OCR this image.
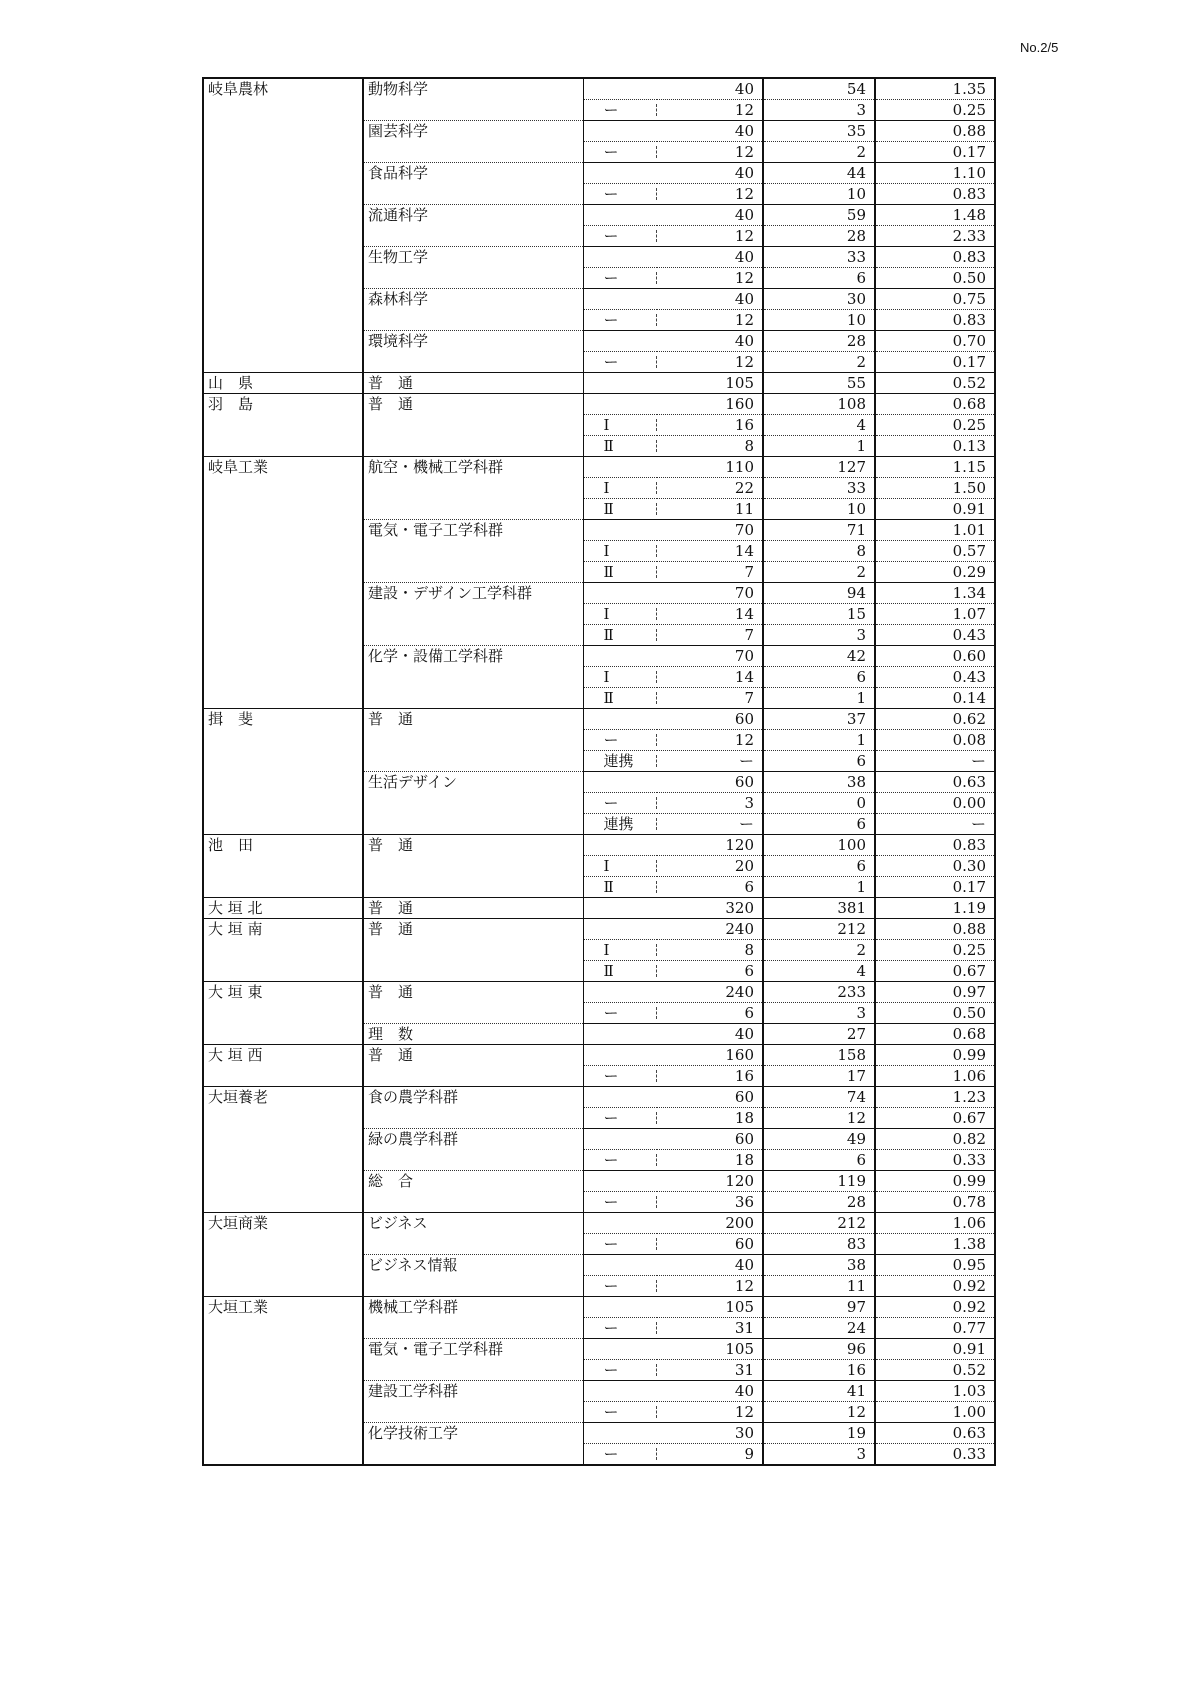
No.2/5
岐阜農林	動物科学		40	54	1.35
		ー	12	3	0.25
	園芸科学		40	35	0.88
		ー	12	2	0.17
	食品科学		40	44	1.10
		ー	12	10	0.83
	流通科学		40	59	1.48
		ー	12	28	2.33
	生物工学		40	33	0.83
		ー	12	6	0.50
	森林科学		40	30	0.75
		ー	12	10	0.83
	環境科学		40	28	0.70
		ー	12	2	0.17
山　県	普　通		105	55	0.52
羽　島	普　通		160	108	0.68
		Ⅰ	16	4	0.25
		Ⅱ	8	1	0.13
岐阜工業	航空・機械工学科群		110	127	1.15
		Ⅰ	22	33	1.50
		Ⅱ	11	10	0.91
	電気・電子工学科群		70	71	1.01
		Ⅰ	14	8	0.57
		Ⅱ	7	2	0.29
	建設・デザイン工学科群		70	94	1.34
		Ⅰ	14	15	1.07
		Ⅱ	7	3	0.43
	化学・設備工学科群		70	42	0.60
		Ⅰ	14	6	0.43
		Ⅱ	7	1	0.14
揖　斐	普　通		60	37	0.62
		ー	12	1	0.08
		連携	ー	6	ー
	生活デザイン		60	38	0.63
		ー	3	0	0.00
		連携	ー	6	ー
池　田	普　通		120	100	0.83
		Ⅰ	20	6	0.30
		Ⅱ	6	1	0.17
大 垣 北	普　通		320	381	1.19
大 垣 南	普　通		240	212	0.88
		Ⅰ	8	2	0.25
		Ⅱ	6	4	0.67
大 垣 東	普　通		240	233	0.97
		ー	6	3	0.50
	理　数		40	27	0.68
大 垣 西	普　通		160	158	0.99
		ー	16	17	1.06
大垣養老	食の農学科群		60	74	1.23
		ー	18	12	0.67
	緑の農学科群		60	49	0.82
		ー	18	6	0.33
	総　合		120	119	0.99
		ー	36	28	0.78
大垣商業	ビジネス		200	212	1.06
		ー	60	83	1.38
	ビジネス情報		40	38	0.95
		ー	12	11	0.92
大垣工業	機械工学科群		105	97	0.92
		ー	31	24	0.77
	電気・電子工学科群		105	96	0.91
		ー	31	16	0.52
	建設工学科群		40	41	1.03
		ー	12	12	1.00
	化学技術工学		30	19	0.63
		ー	9	3	0.33
